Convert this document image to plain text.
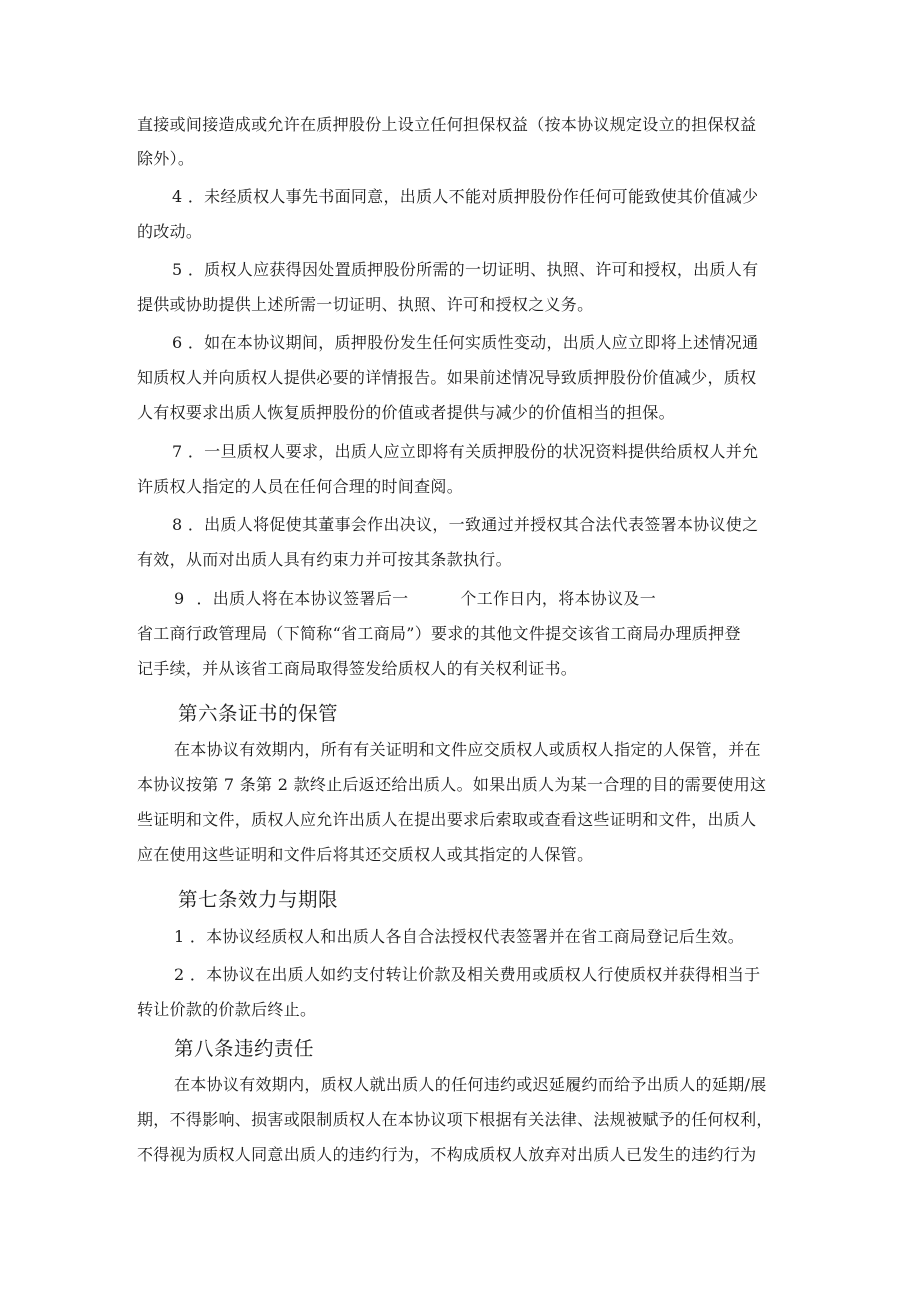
直接或间接造成或允许在质押股份上设立任何担保权益（按本协议规定设立的担保权益
除外）。
4 ．未经质权人事先书面同意，出质人不能对质押股份作任何可能致使其价值减少
的改动。
5 ．质权人应获得因处置质押股份所需的一切证明、执照、许可和授权，出质人有
提供或协助提供上述所需一切证明、执照、许可和授权之义务。
6 ．如在本协议期间，质押股份发生任何实质性变动，出质人应立即将上述情况通
知质权人并向质权人提供必要的详情报告。如果前述情况导致质押股份价值减少，质权
人有权要求出质人恢复质押股份的价值或者提供与减少的价值相当的担保。
7 ．一旦质权人要求，出质人应立即将有关质押股份的状况资料提供给质权人并允
许质权人指定的人员在任何合理的时间查阅。
8 ．出质人将促使其董事会作出决议，一致通过并授权其合法代表签署本协议使之
有效，从而对出质人具有约束力并可按其条款执行。
9 ．出质人将在本协议签署后一	个工作日内，将本协议及一
省工商行政管理局（下简称“省工商局”）要求的其他文件提交该省工商局办理质押登
记手续，并从该省工商局取得签发给质权人的有关权利证书。
第六条证书的保管
在本协议有效期内，所有有关证明和文件应交质权人或质权人指定的人保管，并在
本协议按第 7 条第 2 款终止后返还给出质人。如果出质人为某一合理的目的需要使用这
些证明和文件，质权人应允许出质人在提出要求后索取或查看这些证明和文件，出质人
应在使用这些证明和文件后将其还交质权人或其指定的人保管。
第七条效力与期限
1 ．本协议经质权人和出质人各自合法授权代表签署并在省工商局登记后生效。
2 ．本协议在出质人如约支付转让价款及相关费用或质权人行使质权并获得相当于
转让价款的价款后终止。
第八条违约责任
在本协议有效期内，质权人就出质人的任何违约或迟延履约而给予出质人的延期/展
期，不得影响、损害或限制质权人在本协议项下根据有关法律、法规被赋予的任何权利，
不得视为质权人同意出质人的违约行为，不构成质权人放弃对出质人已发生的违约行为
